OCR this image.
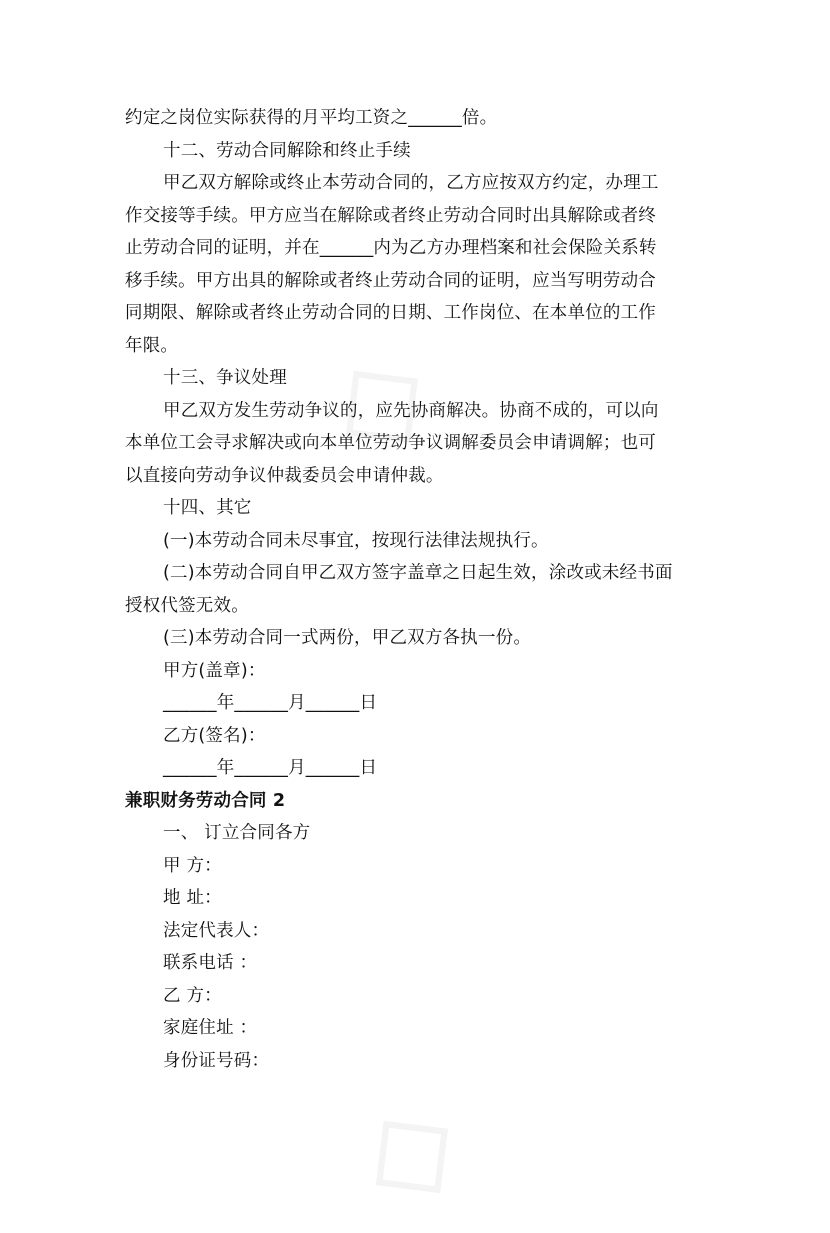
约定之岗位实际获得的月平均工资之______倍。
十二、劳动合同解除和终止手续
甲乙双方解除或终止本劳动合同的，乙方应按双方约定，办理工
作交接等手续。甲方应当在解除或者终止劳动合同时出具解除或者终
止劳动合同的证明，并在______内为乙方办理档案和社会保险关系转
移手续。甲方出具的解除或者终止劳动合同的证明，应当写明劳动合
同期限、解除或者终止劳动合同的日期、工作岗位、在本单位的工作
年限。
十三、争议处理
甲乙双方发生劳动争议的，应先协商解决。协商不成的，可以向
本单位工会寻求解决或向本单位劳动争议调解委员会申请调解；也可
以直接向劳动争议仲裁委员会申请仲裁。
十四、其它
(一)本劳动合同未尽事宜，按现行法律法规执行。
(二)本劳动合同自甲乙双方签字盖章之日起生效，涂改或未经书面
授权代签无效。
(三)本劳动合同一式两份，甲乙双方各执一份。
甲方(盖章)：
______年______月______日
乙方(签名)：
______年______月______日
兼职财务劳动合同 2
一、 订立合同各方
甲 方：
地 址：
法定代表人：
联系电话 ：
乙 方：
家庭住址 ：
身份证号码：
